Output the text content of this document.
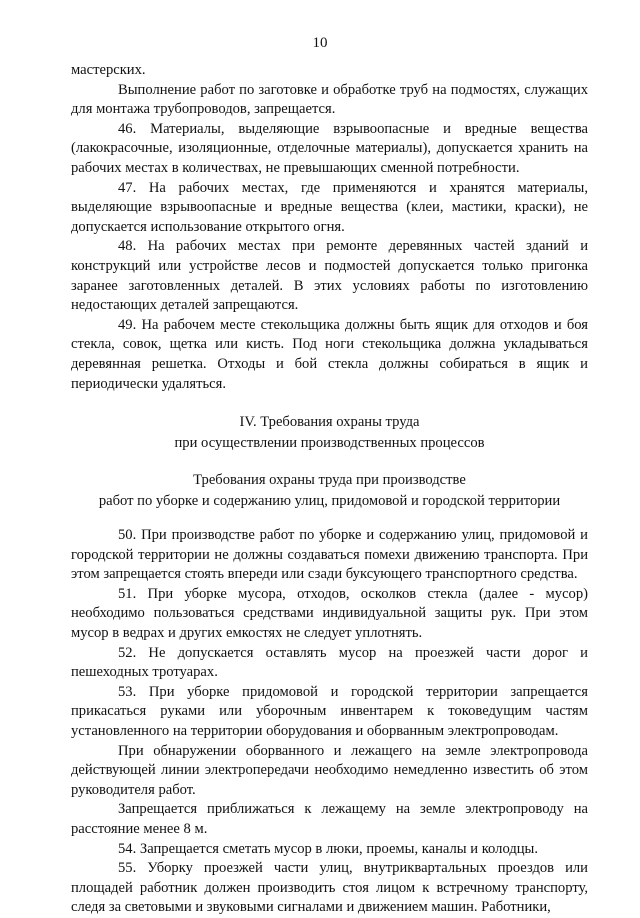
10

мастерских.

Выполнение работ по заготовке и обработке труб на подмостях, служащих для монтажа трубопроводов, запрещается.

46. Материалы, выделяющие взрывоопасные и вредные вещества (лакокрасочные, изоляционные, отделочные материалы), допускается хранить на рабочих местах в количествах, не превышающих сменной потребности.

47. На рабочих местах, где применяются и хранятся материалы, выделяющие взрывоопасные и вредные вещества (клеи, мастики, краски), не допускается использование открытого огня.

48. На рабочих местах при ремонте деревянных частей зданий и конструкций или устройстве лесов и подмостей допускается только пригонка заранее заготовленных деталей. В этих условиях работы по изготовлению недостающих деталей запрещаются.

49. На рабочем месте стекольщика должны быть ящик для отходов и боя стекла, совок, щетка или кисть. Под ноги стекольщика должна укладываться деревянная решетка. Отходы и бой стекла должны собираться в ящик и периодически удаляться.

IV. Требования охраны труда
при осуществлении производственных процессов
Требования охраны труда при производстве
работ по уборке и содержанию улиц, придомовой и городской территории

50. При производстве работ по уборке и содержанию улиц, придомовой и городской территории не должны создаваться помехи движению транспорта. При этом запрещается стоять впереди или сзади буксующего транспортного средства.

51. При уборке мусора, отходов, осколков стекла (далее - мусор) необходимо пользоваться средствами индивидуальной защиты рук. При этом мусор в ведрах и других емкостях не следует уплотнять.

52. Не допускается оставлять мусор на проезжей части дорог и пешеходных тротуарах.

53. При уборке придомовой и городской территории запрещается прикасаться руками или уборочным инвентарем к токоведущим частям установленного на территории оборудования и оборванным электропроводам.

При обнаружении оборванного и лежащего на земле электропровода действующей линии электропередачи необходимо немедленно известить об этом руководителя работ.

Запрещается приближаться к лежащему на земле электропроводу на расстояние менее 8 м.

54. Запрещается сметать мусор в люки, проемы, каналы и колодцы.

55. Уборку проезжей части улиц, внутриквартальных проездов или площадей работник должен производить стоя лицом к встречному транспорту, следя за световыми и звуковыми сигналами и движением машин. Работники,
